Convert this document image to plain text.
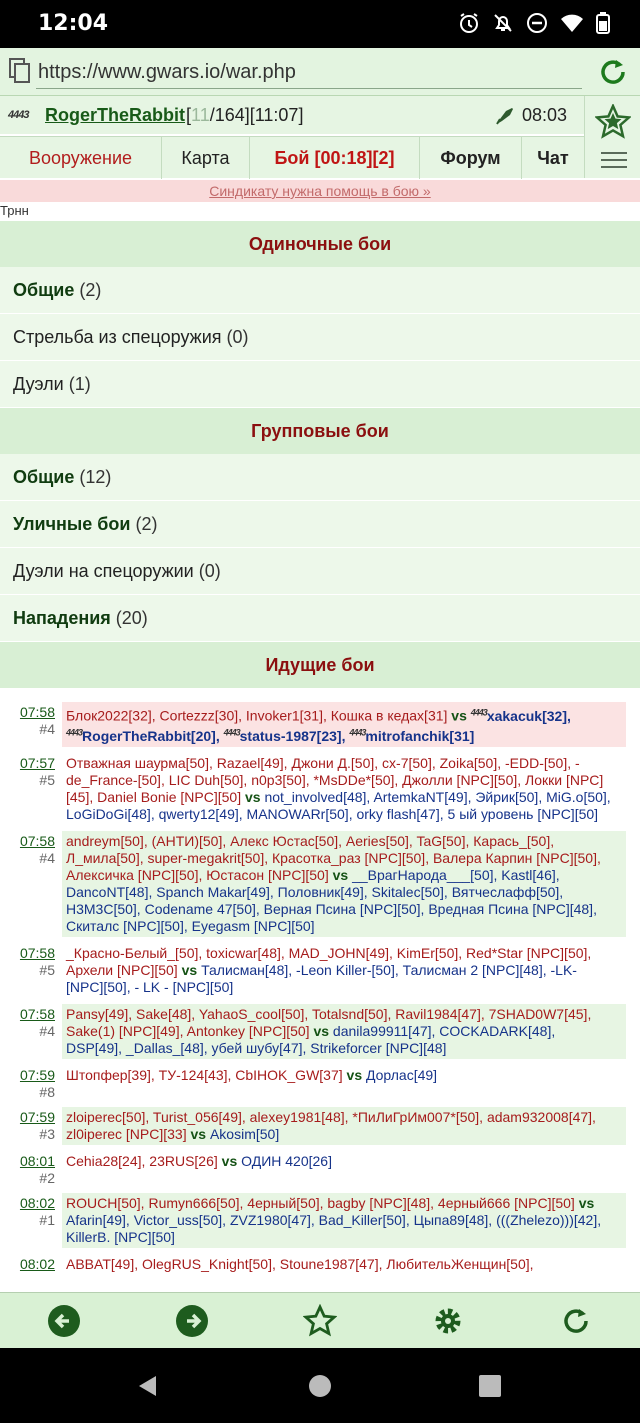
12:04
https://www.gwars.io/war.php
4443 RogerTheRabbit [11/164][11:07]	08:03
Вооружение	Карта	Бой [00:18][2]	Форум	Чат
Синдикату нужна помощь в бою »
Трнн
Одиночные бои
Общие (2)
Стрельба из спецоружия (0)
Дуэли (1)
Групповые бои
Общие (12)
Уличные бои (2)
Дуэли на спецоружии (0)
Нападения (20)
Идущие бои
07:58
#4
Блок2022[32], Cortezzz[30], Invoker1[31], Кошка в кедах[31] vs $^{4443}$xakacuk[32], $^{4443}$RogerTheRabbit[20], $^{4443}$status-1987[23], $^{4443}$mitrofanchik[31]
07:57
#5
Отважная шаурма[50], Razael[49], Джони Д.[50], cx-7[50], Zoika[50], -EDD-[50], -de_France-[50], LIC Duh[50], n0p3[50], *MsDDe*[50], Джолли [NPC][50], Локки [NPC][45], Daniel Bonie [NPC][50] vs not_involved[48], ArtemkaNT[49], Эйрик[50], MiG.o[50], LoGiDoGi[48], qwerty12[49], MANOWARr[50], orky flash[47], 5 ый уровень [NPC][50]
07:58
#4
andreym[50], (АНТИ)[50], Алекс Юстас[50], Aeries[50], TaG[50], Карась_[50], Л_мила[50], super-megakrit[50], Красотка_раз [NPC][50], Валера Карпин [NPC][50], Алексичка [NPC][50], Юстасон [NPC][50] vs __ВрагНарода___[50], Kastl[46], DancoNT[48], Spanch Makar[49], Половник[49], Skitalec[50], Вятчеслафф[50], Н3М3С[50], Codename 47[50], Верная Псина [NPC][50], Вредная Псина [NPC][48], Скиталс [NPC][50], Eyegasm [NPC][50]
07:58
#5
_Красно-Белый_[50], toxicwar[48], MAD_JOHN[49], KimEr[50], Red*Star [NPC][50], Архели [NPC][50] vs Талисман[48], -Leon Killer-[50], Талисман 2 [NPC][48], -LK- [NPC][50], - LK - [NPC][50]
07:58
#4
Pansy[49], Sake[48], YahaoS_cool[50], Totalsnd[50], Ravil1984[47], 7SHAD0W7[45], Sake(1) [NPC][49], Antonkey [NPC][50] vs danila99911[47], COCKADARK[48], DSP[49], _Dallas_[48], убей шубу[47], Strikeforcer [NPC][48]
07:59
#8
Штопфер[39], ТУ-124[43], CbIHOK_GW[37] vs Дорлас[49]
07:59
#3
zloiperec[50], Turist_056[49], alexey1981[48], *ПиЛиГрИм007*[50], adam932008[47], zl0iperec [NPC][33] vs Akosim[50]
08:01
#2
Cehia28[24], 23RUS[26] vs ОДИН 420[26]
08:02
#1
ROUCH[50], Rumyn666[50], 4ерный[50], bagby [NPC][48], 4ерный666 [NPC][50] vs Afarin[49], Victor_uss[50], ZVZ1980[47], Bad_Killer[50], Цыпа89[48], (((Zhelezo)))[42], KillerB. [NPC][50]
08:02 ABBAT[49], OlegRUS_Knight[50], Stoune1987[47], ЛюбительЖенщин[50],
